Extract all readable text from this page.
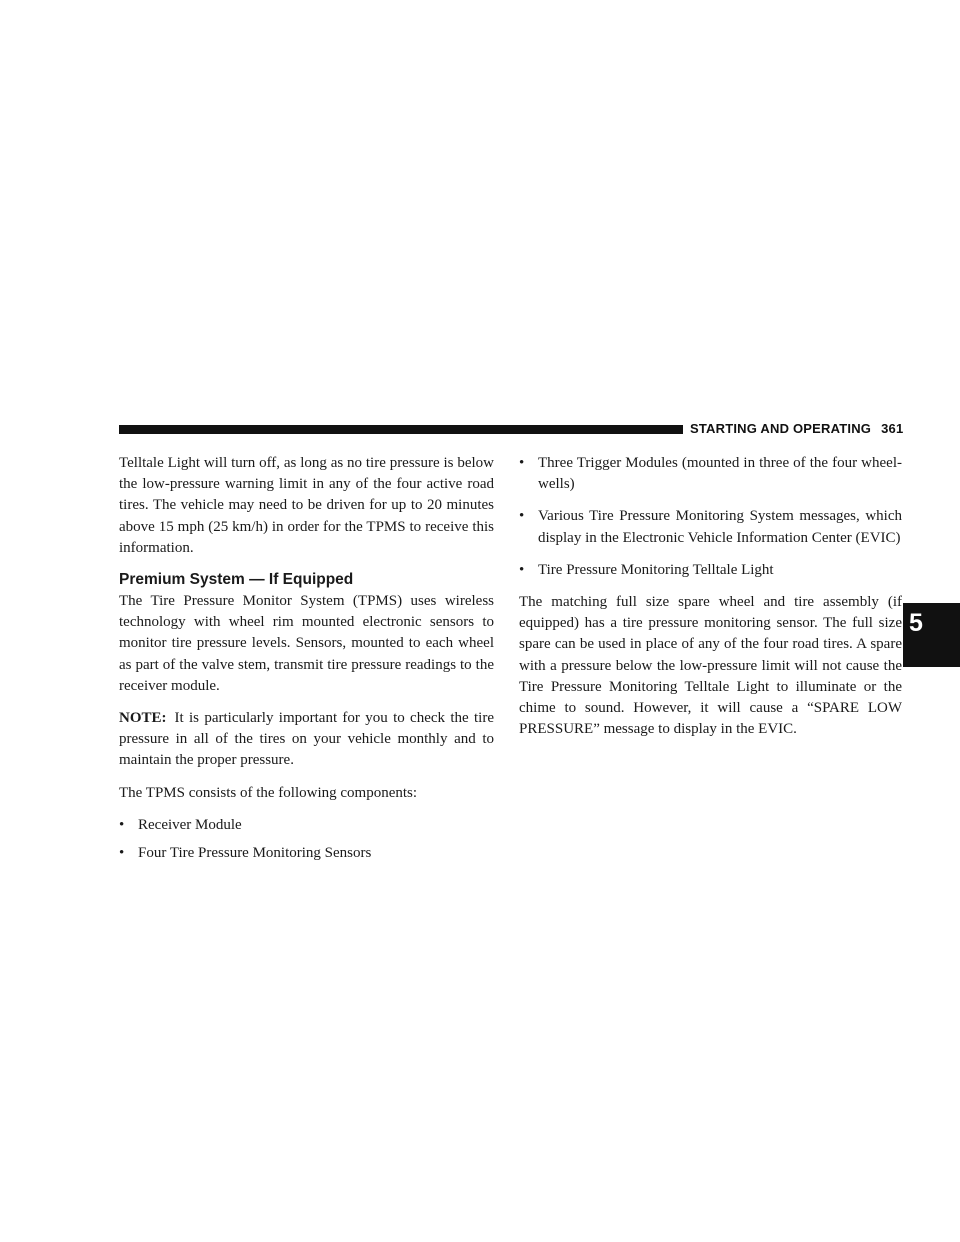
STARTING AND OPERATING 361
5

Telltale Light will turn off, as long as no tire pressure is below the low-pressure warning limit in any of the four active road tires. The vehicle may need to be driven for up to 20 minutes above 15 mph (25 km/h) in order for the TPMS to receive this information.

Premium System — If Equipped

The Tire Pressure Monitor System (TPMS) uses wireless technology with wheel rim mounted electronic sensors to monitor tire pressure levels. Sensors, mounted to each wheel as part of the valve stem, transmit tire pressure readings to the receiver module.

NOTE: It is particularly important for you to check the tire pressure in all of the tires on your vehicle monthly and to maintain the proper pressure.

The TPMS consists of the following components:

• Receiver Module
• Four Tire Pressure Monitoring Sensors
• Three Trigger Modules (mounted in three of the four wheel-wells)
• Various Tire Pressure Monitoring System messages, which display in the Electronic Vehicle Information Center (EVIC)
• Tire Pressure Monitoring Telltale Light

The matching full size spare wheel and tire assembly (if equipped) has a tire pressure monitoring sensor. The full size spare can be used in place of any of the four road tires. A spare with a pressure below the low-pressure limit will not cause the Tire Pressure Monitoring Telltale Light to illuminate or the chime to sound. However, it will cause a “SPARE LOW PRESSURE” message to display in the EVIC.
